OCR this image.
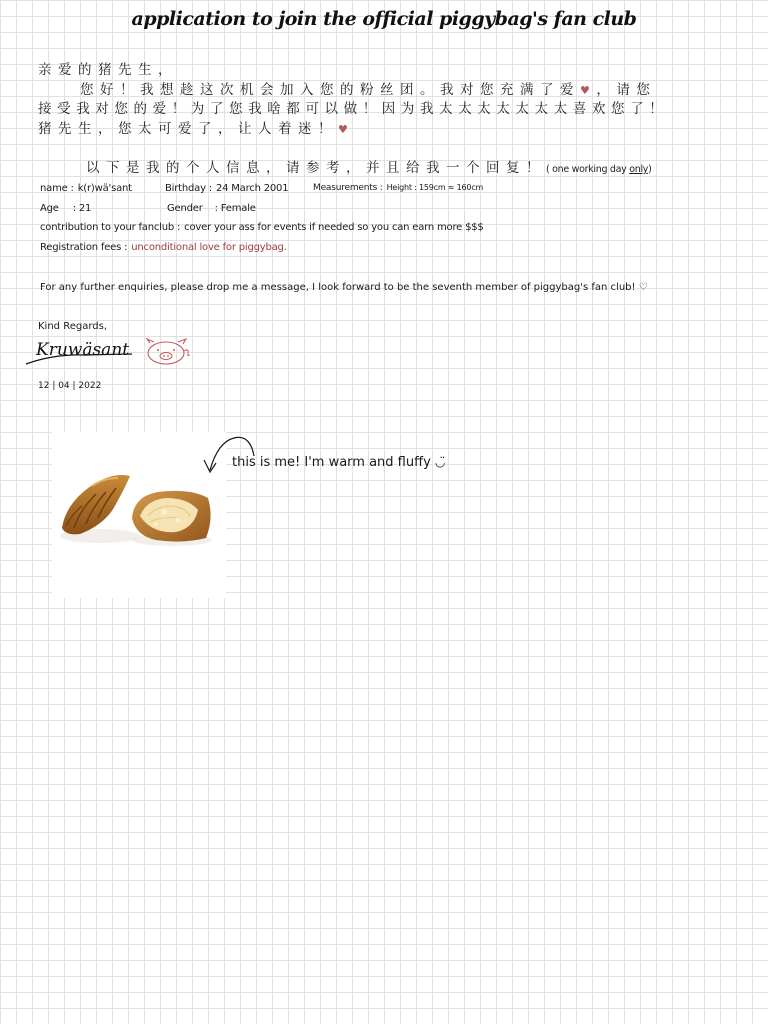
application to join the official piggybag's fan club
亲爱的猪先生，
您好！我想趁这次机会加入您的粉丝团。我对您充满了爱♥，请您
接受我对您的爱！为了您我啥都可以做！因为我太太太太太太太喜欢您了！
猪先生，您太可爱了，让人着迷！♥
以下是我的个人信息，请参考，并且给我一个回复！( one working day only)
name : k(r)wä'sant	Birthday : 24 March 2001	Measurements : Height : 159cm ≈ 160cm
Age : 21	Gender : Female
contribution to your fanclub : cover your ass for events if needed so you can earn more $$$
Registration fees : unconditional love for piggybag.
For any further enquiries, please drop me a message, I look forward to be the seventh member of piggybag's fan club! ♡
Kind Regards,
Kruwäsant
12 | 04 | 2022
this is me! I'm warm and fluffy ◡̈
